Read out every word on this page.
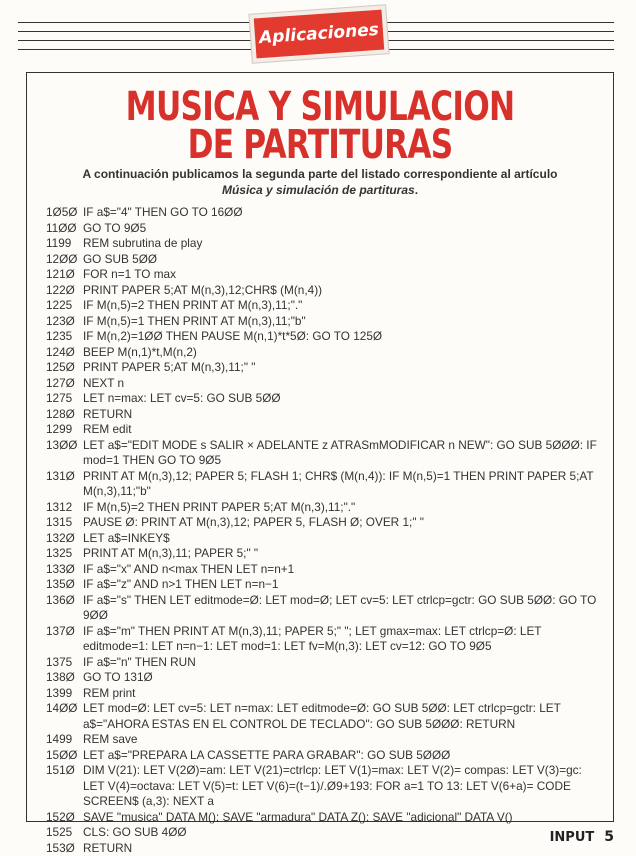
Aplicaciones
MUSICA Y SIMULACION
DE PARTITURAS
A continuación publicamos la segunda parte del listado correspondiente al artículo Música y simulación de partituras.
1Ø5Ø IF a$="4" THEN GO TO 16ØØ
11ØØ GO TO 9Ø5
1199 REM subrutina de play
12ØØ GO SUB 5ØØ
121Ø FOR n=1 TO max
122Ø PRINT PAPER 5;AT M(n,3),12;CHR$ (M(n,4))
1225 IF M(n,5)=2 THEN PRINT AT M(n,3),11;"."
123Ø IF M(n,5)=1 THEN PRINT AT M(n,3),11;"b"
1235 IF M(n,2)=1ØØ THEN PAUSE M(n,1)*t*5Ø: GO TO 125Ø
124Ø BEEP M(n,1)*t,M(n,2)
125Ø PRINT PAPER 5;AT M(n,3),11;" "
127Ø NEXT n
1275 LET n=max: LET cv=5: GO SUB 5ØØ
128Ø RETURN
1299 REM edit
13ØØ LET a$="EDIT MODE s SALIR × ADELANTE z ATRASmMODIFICAR n NEW": GO SUB 5ØØØ: IF mod=1 THEN GO TO 9Ø5
131Ø PRINT AT M(n,3),12; PAPER 5; FLASH 1; CHR$ (M(n,4)): IF M(n,5)=1 THEN PRINT PAPER 5;AT M(n,3),11;"b"
1312 IF M(n,5)=2 THEN PRINT PAPER 5;AT M(n,3),11;"."
1315 PAUSE Ø: PRINT AT M(n,3),12; PAPER 5, FLASH Ø; OVER 1;" "
132Ø LET a$=INKEY$
1325 PRINT AT M(n,3),11; PAPER 5;" "
133Ø IF a$="x" AND n<max THEN LET n=n+1
135Ø IF a$="z" AND n>1 THEN LET n=n−1
136Ø IF a$="s" THEN LET editmode=Ø: LET mod=Ø; LET cv=5: LET ctrlcp=gctr: GO SUB 5ØØ: GO TO 9ØØ
137Ø IF a$="m" THEN PRINT AT M(n,3),11; PAPER 5;" "; LET gmax=max: LET ctrlcp=Ø: LET editmode=1: LET n=n−1: LET mod=1: LET fv=M(n,3): LET cv=12: GO TO 9Ø5
1375 IF a$="n" THEN RUN
138Ø GO TO 131Ø
1399 REM print
14ØØ LET mod=Ø: LET cv=5: LET n=max: LET editmode=Ø: GO SUB 5ØØ: LET ctrlcp=gctr: LET a$="AHORA ESTAS EN EL CONTROL DE TECLADO": GO SUB 5ØØØ: RETURN
1499 REM save
15ØØ LET a$="PREPARA LA CASSETTE PARA GRABAR": GO SUB 5ØØØ
151Ø DIM V(21): LET V(2Ø)=am: LET V(21)=ctrlcp: LET V(1)=max: LET V(2)= compas: LET V(3)=gc: LET V(4)=octava: LET V(5)=t: LET V(6)=(t−1)/.Ø9+193: FOR a=1 TO 13: LET V(6+a)= CODE SCREEN$ (a,3): NEXT a
152Ø SAVE "musica" DATA M(): SAVE "armadura" DATA Z(): SAVE "adicional" DATA V()
1525 CLS: GO SUB 4ØØ
153Ø RETURN
INPUT 5
